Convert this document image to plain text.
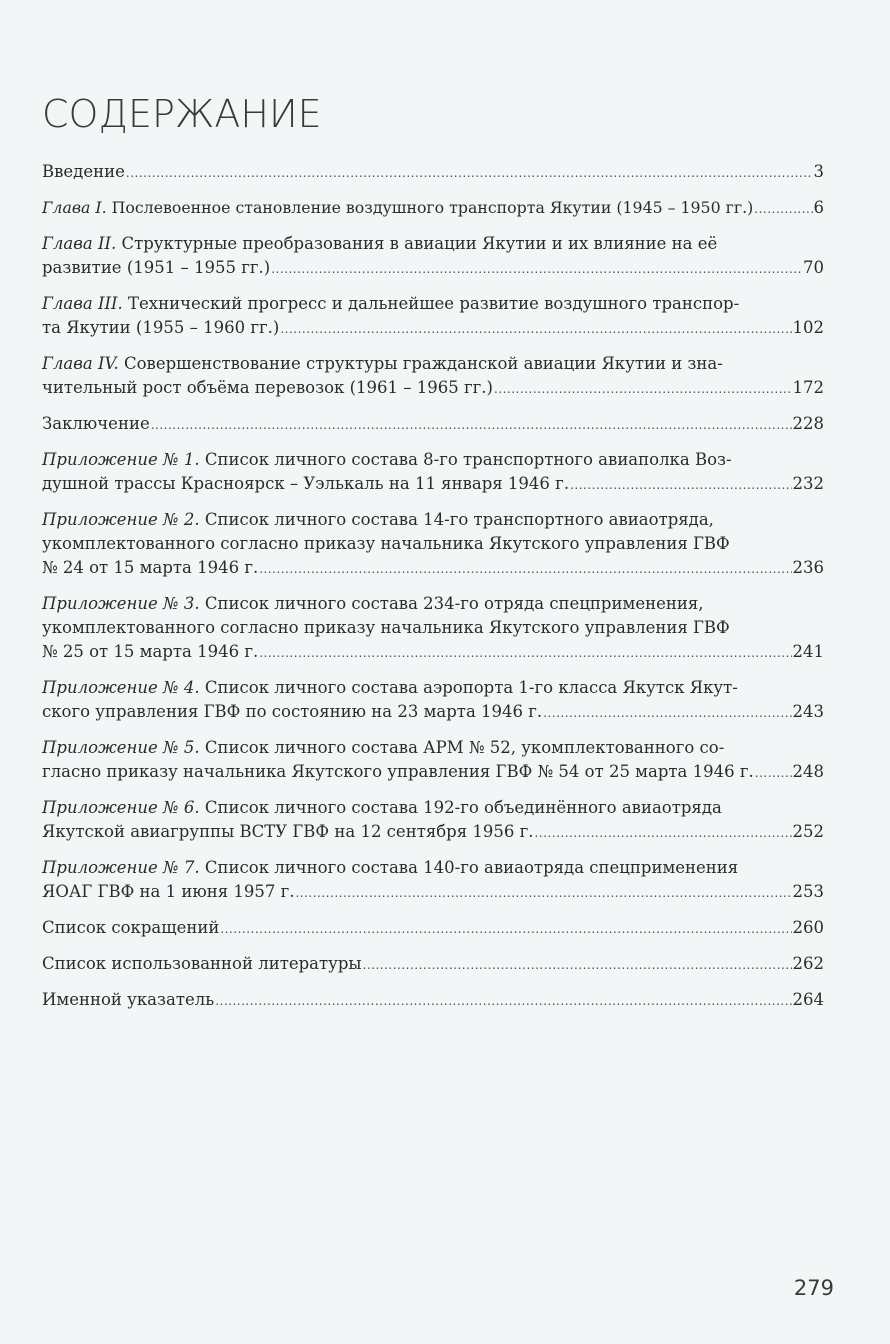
СОДЕРЖАНИЕ
Введение .....	3
Глава I. Послевоенное становление воздушного транспорта Якутии (1945 – 1950 гг.) .....	6
Глава II. Структурные преобразования в авиации Якутии и их влияние на её
развитие (1951 – 1955 гг.) .....	70
Глава III. Технический прогресс и дальнейшее развитие воздушного транспор-
та Якутии (1955 – 1960 гг.) .....	102
Глава IV. Совершенствование структуры гражданской авиации Якутии и зна-
чительный рост объёма перевозок (1961 – 1965 гг.) .....	172
Заключение .....	228
Приложение № 1. Список личного состава 8-го транспортного авиаполка Воз-
душной трассы Красноярск – Уэлькаль на 11 января 1946 г. .....	232
Приложение № 2. Список личного состава 14-го транспортного авиаотряда,
укомплектованного согласно приказу начальника Якутского управления ГВФ
№ 24 от 15 марта 1946 г. .....	236
Приложение № 3. Список личного состава 234-го отряда спецприменения,
укомплектованного согласно приказу начальника Якутского управления ГВФ
№ 25 от 15 марта 1946 г. .....	241
Приложение № 4. Список личного состава аэропорта 1-го класса Якутск Якут-
ского управления ГВФ по состоянию на 23 марта 1946 г. .....	243
Приложение № 5. Список личного состава АРМ № 52, укомплектованного со-
гласно приказу начальника Якутского управления ГВФ № 54 от 25 марта 1946 г. ..... 248
Приложение № 6. Список личного состава 192-го объединённого авиаотряда
Якутской авиагруппы ВСТУ ГВФ на 12 сентября 1956 г. .....	252
Приложение № 7. Список личного состава 140-го авиаотряда спецприменения
ЯОАГ ГВФ на 1 июня 1957 г. .....	253
Список сокращений .....	260
Список использованной литературы .....	262
Именной указатель .....	264
279
